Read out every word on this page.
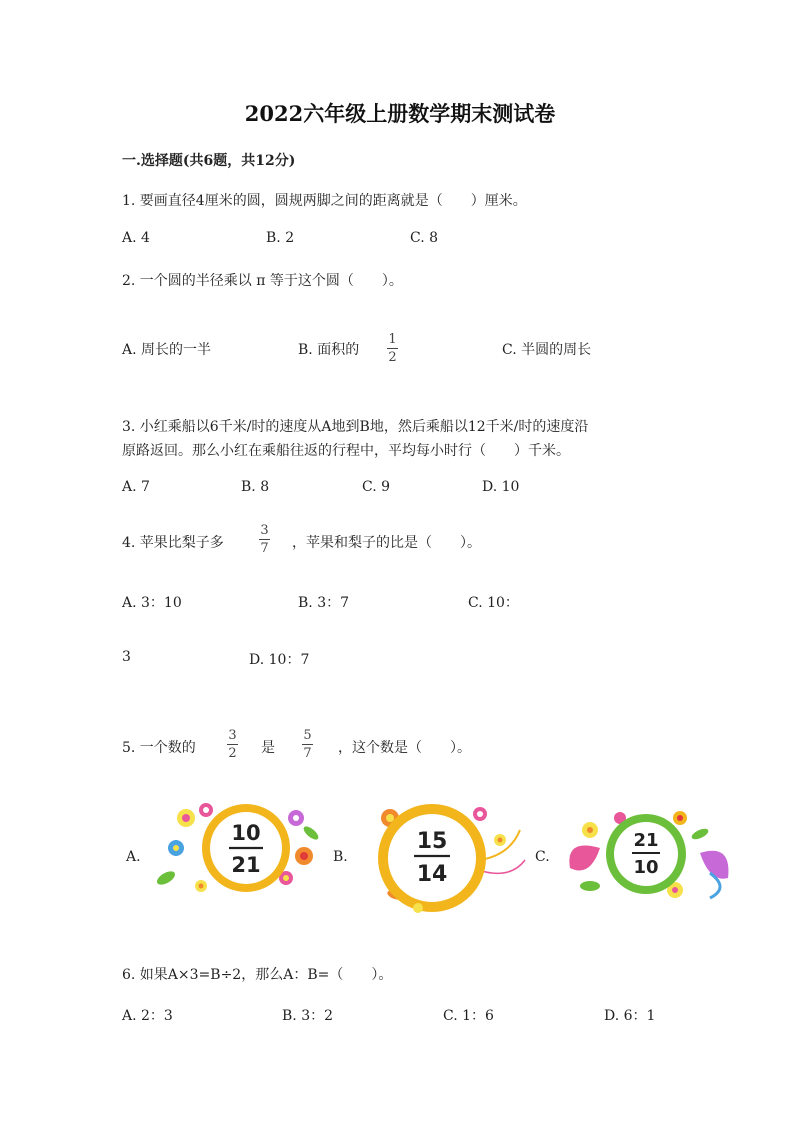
2022六年级上册数学期末测试卷
一.选择题(共6题，共12分)
1. 要画直径4厘米的圆，圆规两脚之间的距离就是（　　）厘米。
A. 4	B. 2	C. 8
2. 一个圆的半径乘以 π 等于这个圆（　　）。
A. 周长的一半	B. 面积的
1
2	C. 半圆的周长
3. 小红乘船以6千米/时的速度从A地到B地，然后乘船以12千米/时的速度沿
原路返回。那么小红在乘船往返的行程中，平均每小时行（　　）千米。
A. 7	B. 8	C. 9	D. 10
4. 苹果比梨子多
3
7 ，苹果和梨子的比是（　　）。
A. 3：10	B. 3：7	C. 10：
3	D. 10：7
5. 一个数的
3
2 是
5
7 ，这个数是（　　）。
A.
10
21	B.
15
14
C.
21
10
6. 如果A×3=B÷2，那么A：B=（　　）。
A. 2：3	B. 3：2	C. 1：6	D. 6：1
